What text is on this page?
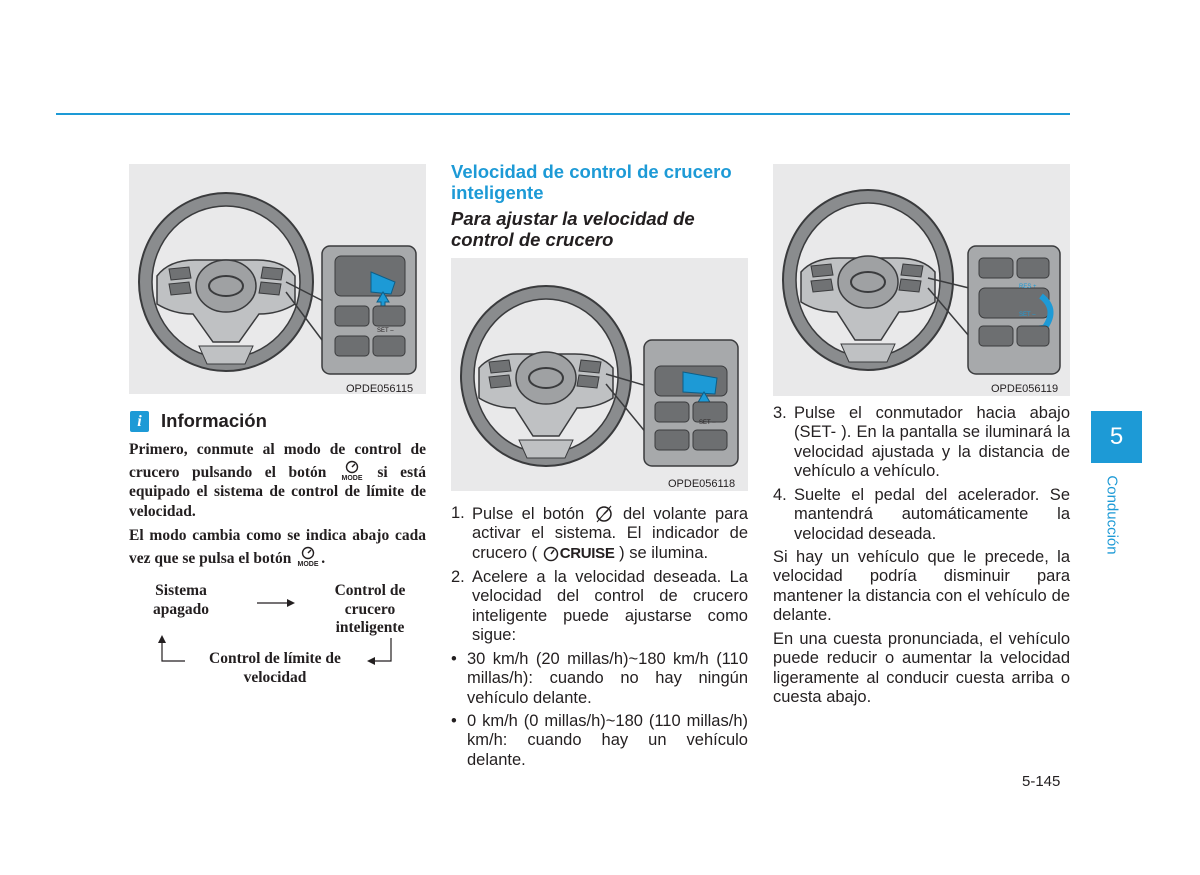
SET –
OPDE056115
i	Información
Primero, conmute al modo de control de crucero pulsando el botón MODE si está equipado el sistema de control de límite de velocidad.
El modo cambia como se indica abajo cada vez que se pulsa el botón MODE .
Sistema apagado
Control de crucero inteligente
Control de límite de velocidad
Velocidad de control de crucero inteligente
Para ajustar la velocidad de control de crucero
SET –
OPDE056118
1. Pulse el botón del volante para activar el sistema. El indicador de crucero ( CRUISE ) se ilumina.
2. Acelere a la velocidad deseada. La velocidad del control de crucero inteligente puede ajustarse como sigue:
• 30 km/h (20 millas/h)~180 km/h (110 millas/h): cuando no hay ningún vehículo delante.
• 0 km/h (0 millas/h)~180 (110 millas/h) km/h: cuando hay un vehículo delante.
RES +
SET –
OPDE056119
3. Pulse el conmutador hacia abajo (SET- ). En la pantalla se iluminará la velocidad ajustada y la distancia de vehículo a vehículo.
4. Suelte el pedal del acelerador. Se mantendrá automáticamente la velocidad deseada.
Si hay un vehículo que le precede, la velocidad podría disminuir para mantener la distancia con el vehículo de delante.
En una cuesta pronunciada, el vehículo puede reducir o aumentar la velocidad ligeramente al conducir cuesta arriba o cuesta abajo.
5
Conducción
5-145
